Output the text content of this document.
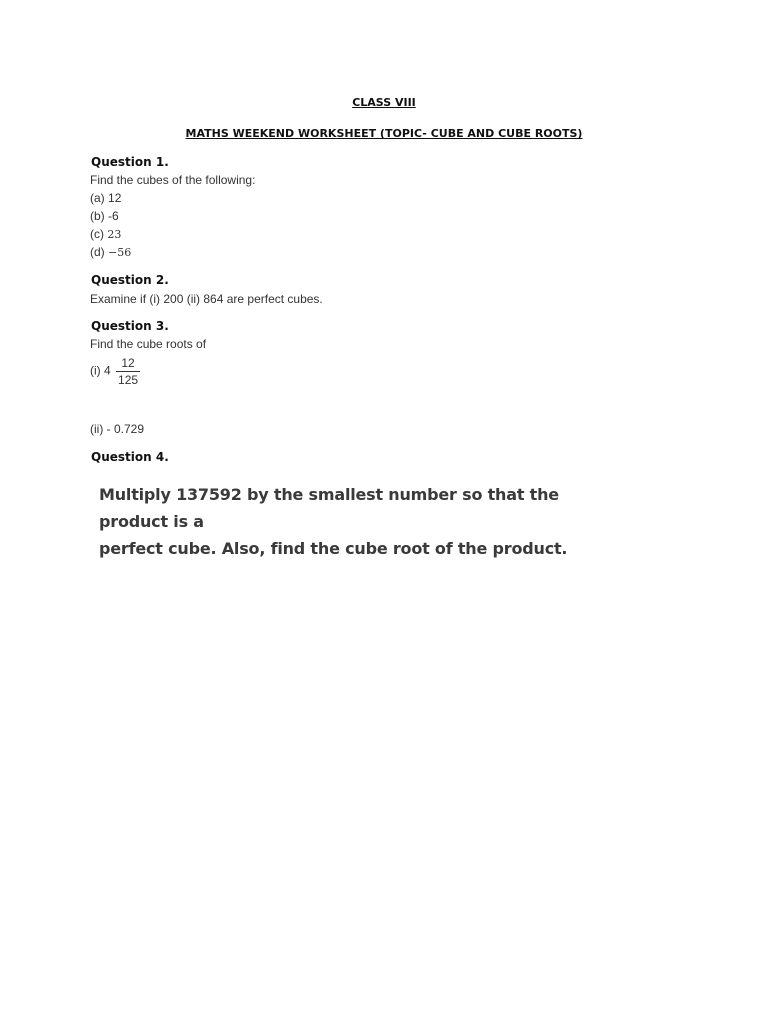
CLASS VIII
MATHS WEEKEND WORKSHEET (TOPIC- CUBE AND CUBE ROOTS)
Question 1.
Find the cubes of the following:
(a) 12
(b) -6
(c) 23
(d) −56
Question 2.
Examine if (i) 200 (ii) 864 are perfect cubes.
Question 3.
Find the cube roots of
(i) $4 \frac{12}{125}$
(ii) - 0.729
Question 4.
Multiply 137592 by the smallest number so that the product is a
perfect cube. Also, find the cube root of the product.
